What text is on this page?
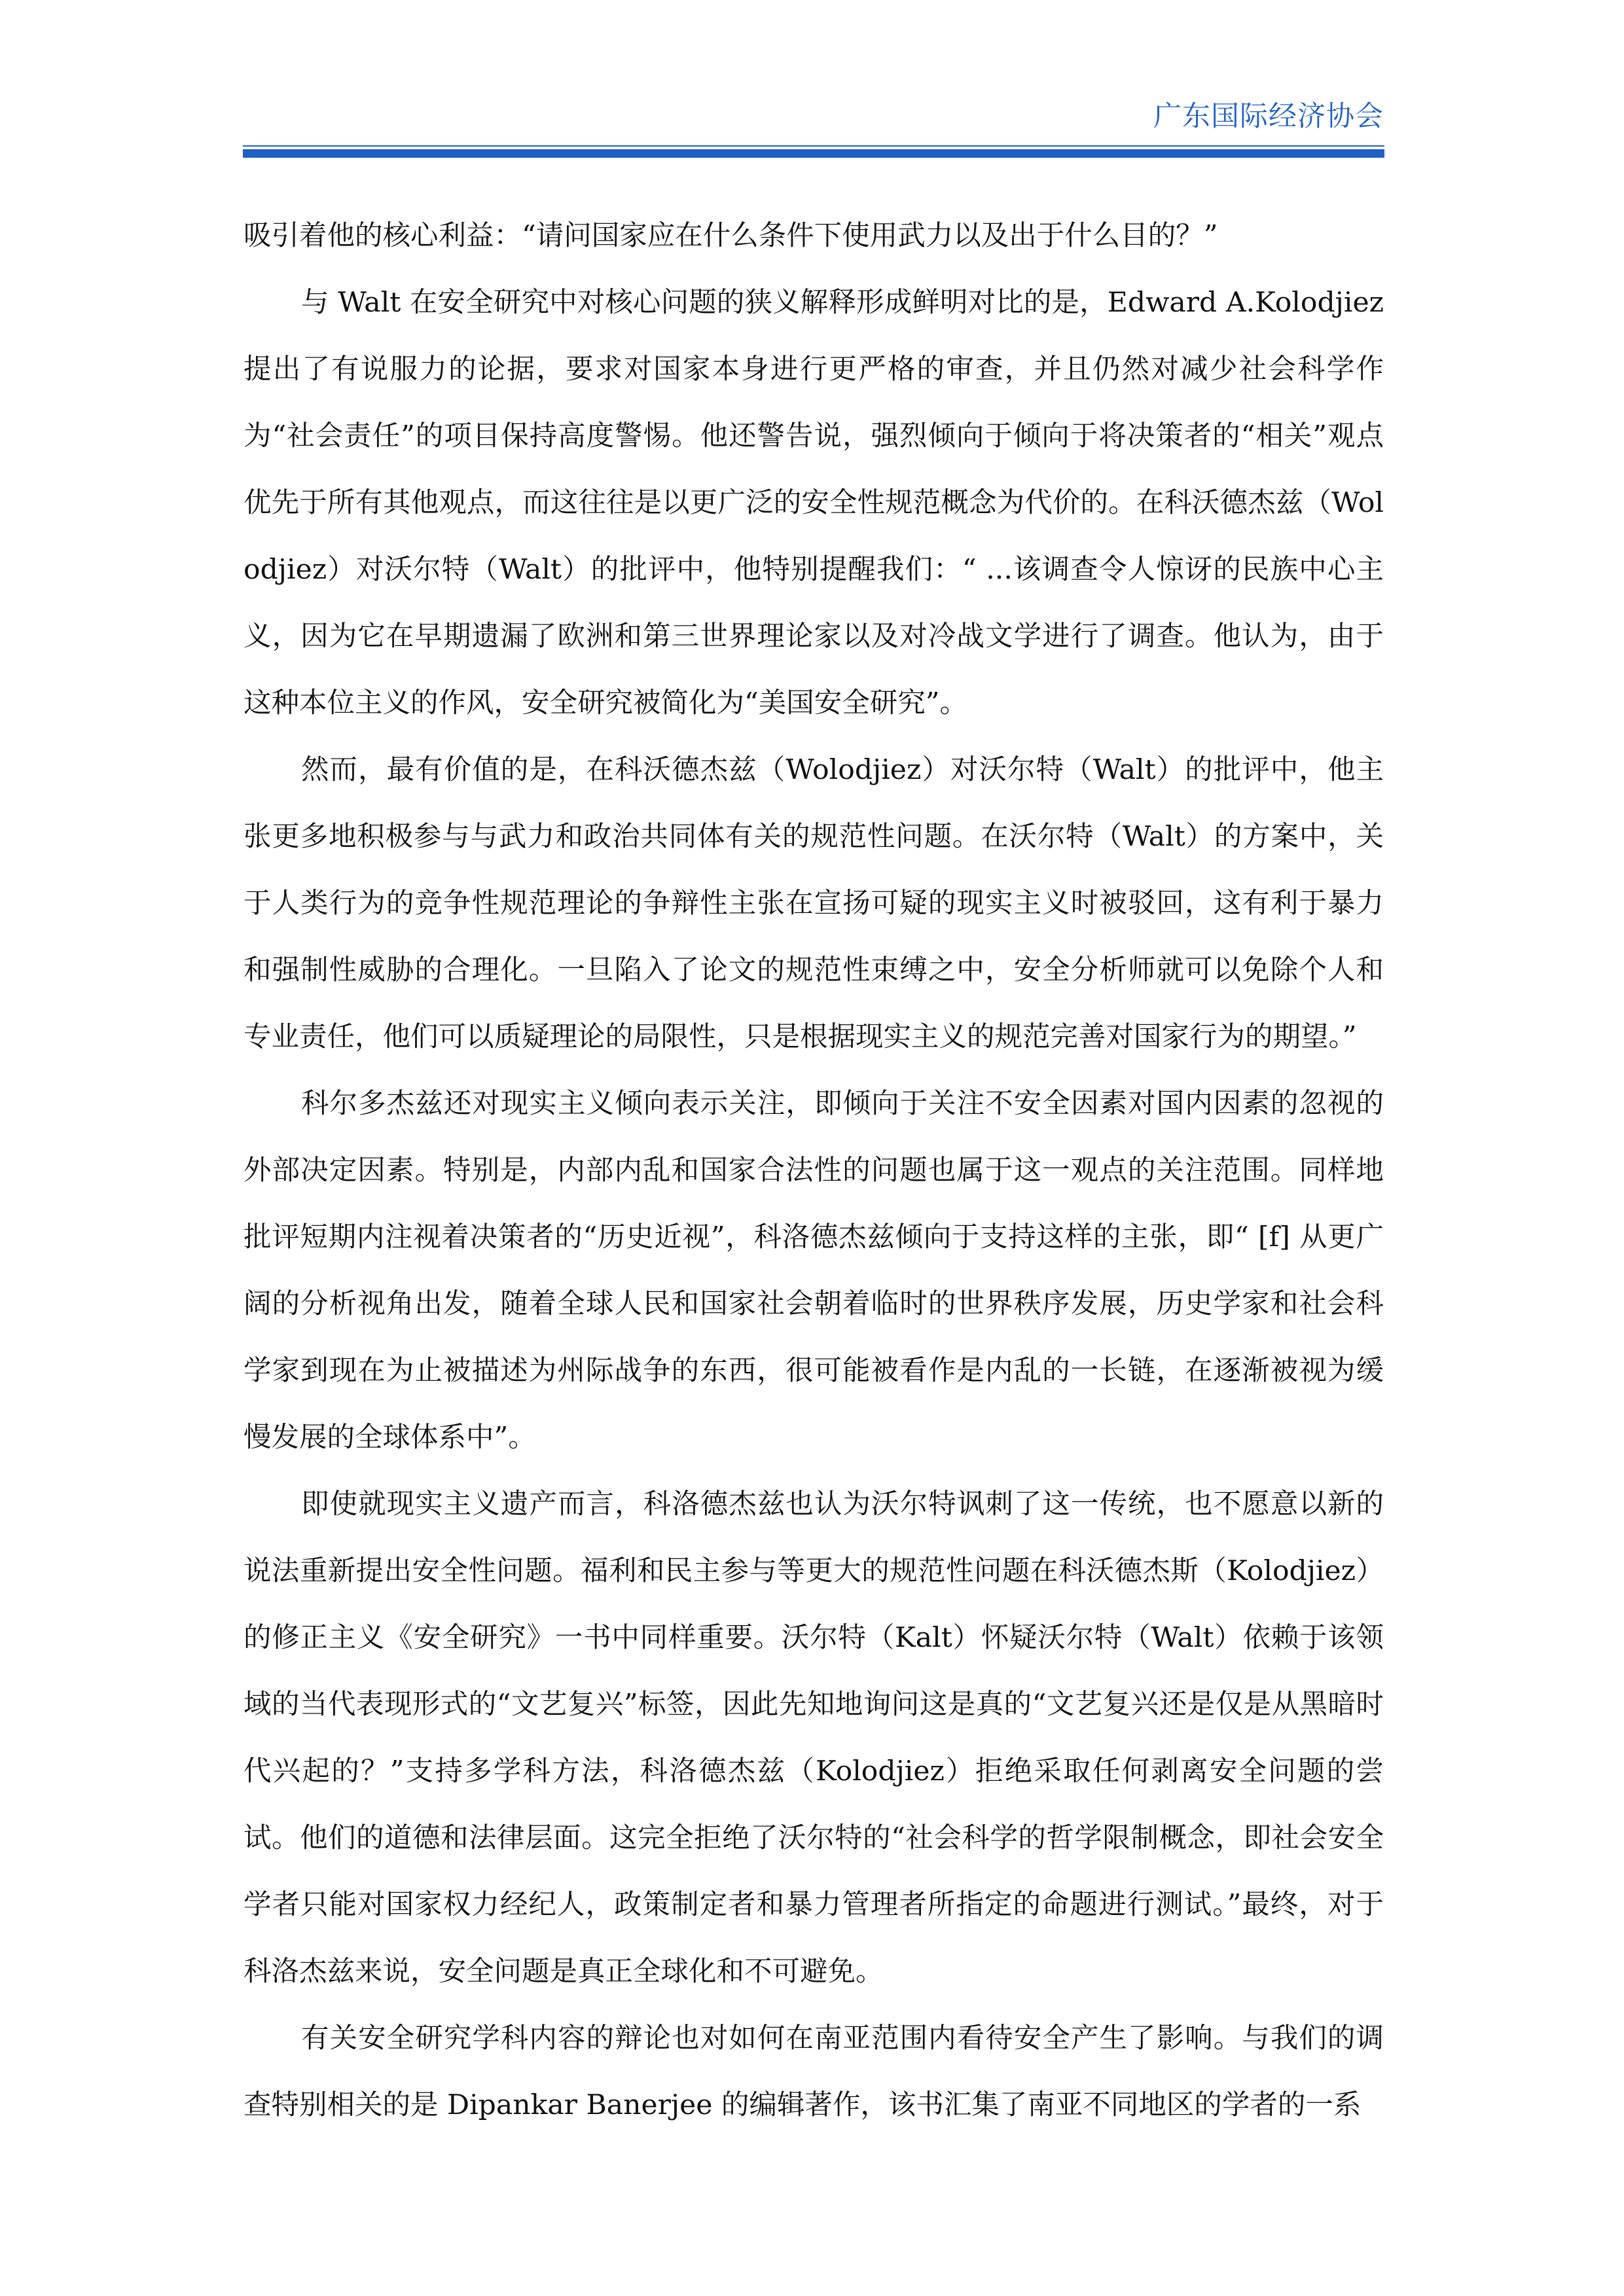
广东国际经济协会

吸引着他的核心利益：“请问国家应在什么条件下使用武力以及出于什么目的？”

与 Walt 在安全研究中对核心问题的狭义解释形成鲜明对比的是，Edward A.Kolodjiez 提出了有说服力的论据，要求对国家本身进行更严格的审查，并且仍然对减少社会科学作为“社会责任”的项目保持高度警惕。他还警告说，强烈倾向于倾向于将决策者的“相关”观点优先于所有其他观点，而这往往是以更广泛的安全性规范概念为代价的。在科沃德杰兹（Wolodjiez）对沃尔特（Walt）的批评中，他特别提醒我们：“ ...该调查令人惊讶的民族中心主义，因为它在早期遗漏了欧洲和第三世界理论家以及对冷战文学进行了调查。他认为，由于这种本位主义的作风，安全研究被简化为“美国安全研究”。

然而，最有价值的是，在科沃德杰兹（Wolodjiez）对沃尔特（Walt）的批评中，他主张更多地积极参与与武力和政治共同体有关的规范性问题。在沃尔特（Walt）的方案中，关于人类行为的竞争性规范理论的争辩性主张在宣扬可疑的现实主义时被驳回，这有利于暴力和强制性威胁的合理化。一旦陷入了论文的规范性束缚之中，安全分析师就可以免除个人和专业责任，他们可以质疑理论的局限性，只是根据现实主义的规范完善对国家行为的期望。”

科尔多杰兹还对现实主义倾向表示关注，即倾向于关注不安全因素对国内因素的忽视的外部决定因素。特别是，内部内乱和国家合法性的问题也属于这一观点的关注范围。同样地批评短期内注视着决策者的“历史近视”，科洛德杰兹倾向于支持这样的主张，即“ [f] 从更广阔的分析视角出发，随着全球人民和国家社会朝着临时的世界秩序发展，历史学家和社会科学家到现在为止被描述为州际战争的东西，很可能被看作是内乱的一长链，在逐渐被视为缓慢发展的全球体系中”。

即使就现实主义遗产而言，科洛德杰兹也认为沃尔特讽刺了这一传统，也不愿意以新的说法重新提出安全性问题。福利和民主参与等更大的规范性问题在科沃德杰斯（Kolodjiez）的修正主义《安全研究》一书中同样重要。沃尔特（Kalt）怀疑沃尔特（Walt）依赖于该领域的当代表现形式的“文艺复兴”标签，因此先知地询问这是真的“文艺复兴还是仅是从黑暗时代兴起的？”支持多学科方法，科洛德杰兹（Kolodjiez）拒绝采取任何剥离安全问题的尝试。他们的道德和法律层面。这完全拒绝了沃尔特的“社会科学的哲学限制概念，即社会安全学者只能对国家权力经纪人，政策制定者和暴力管理者所指定的命题进行测试。”最终，对于科洛杰兹来说，安全问题是真正全球化和不可避免。

有关安全研究学科内容的辩论也对如何在南亚范围内看待安全产生了影响。与我们的调查特别相关的是 Dipankar Banerjee 的编辑著作，该书汇集了南亚不同地区的学者的一系
